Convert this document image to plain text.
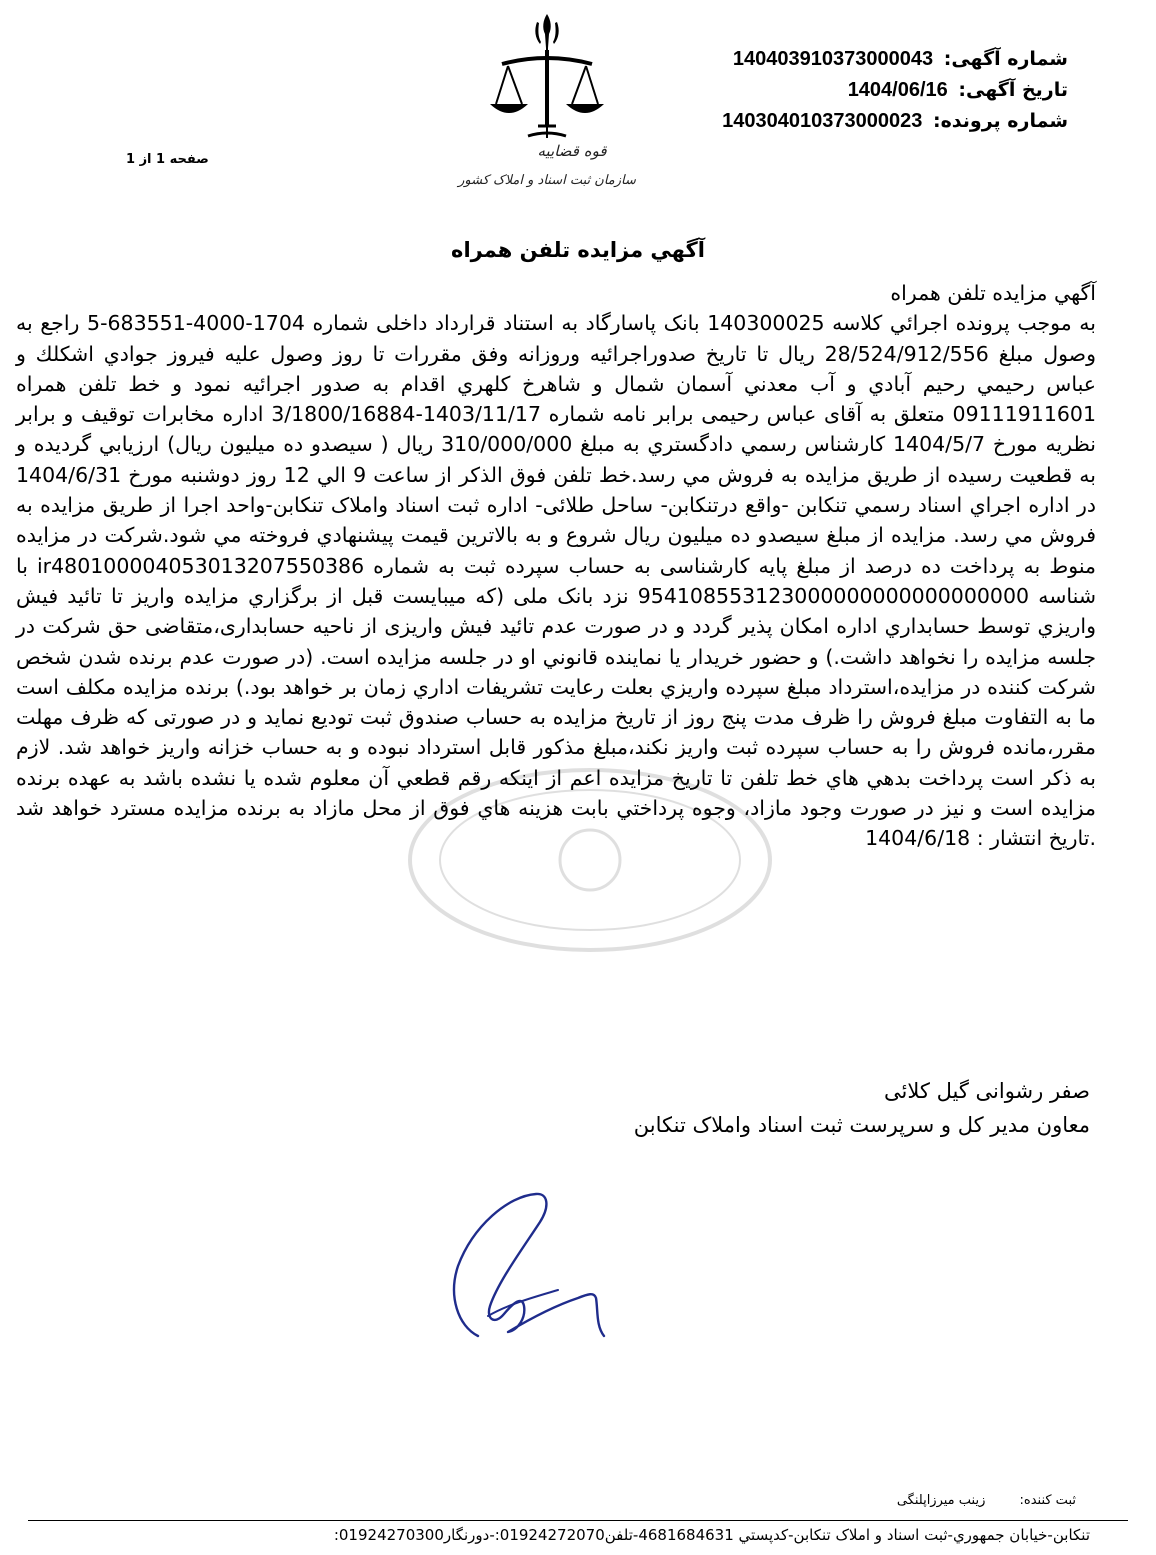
شماره آگهی: 140403910373000043
تاریخ آگهی: 1404/06/16
شماره پرونده: 140304010373000023
قوه قضاییه
سازمان ثبت اسناد و املاک کشور
صفحه 1 از 1
آگهي مزايده تلفن همراه
آگهي مزايده تلفن همراه
به موجب پرونده اجرائي كلاسه 140300025 بانک پاسارگاد به استناد قرارداد داخلی شماره 1704-4000-683551-5 راجع به وصول مبلغ 28/524/912/556 ريال تا تاریخ صدوراجرائیه وروزانه وفق مقررات تا روز وصول عليه فيروز جوادي اشكلك و عباس رحيمي رحيم آبادي و آب معدني آسمان شمال و شاهرخ كلهري اقدام به صدور اجرائيه نمود و خط تلفن همراه 09111911601 متعلق به آقای عباس رحیمی برابر نامه شماره 1403/11/17-3/1800/16884 اداره مخابرات توقيف و برابر نظريه مورخ 1404/5/7 كارشناس رسمي دادگستري به مبلغ 310/000/000 ريال ( سیصدو ده میلیون ریال) ارزيابي گرديده و به قطعيت رسيده از طريق مزايده به فروش مي رسد.خط تلفن فوق الذكر از ساعت 9 الي 12 روز دوشنبه مورخ 1404/6/31 در اداره اجراي اسناد رسمي تنكابن -واقع درتنکابن- ساحل طلائی- اداره ثبت اسناد واملاک تنکابن-واحد اجرا از طريق مزايده به فروش مي رسد. مزايده از مبلغ سیصدو ده میلیون ريال شروع و به بالاترين قيمت پيشنهادي فروخته مي شود.شرکت در مزایده منوط به پرداخت ده درصد از مبلغ پایه کارشناسی به حساب سپرده ثبت به شماره ir480100004053013207550386 با شناسه 954108553123000000000000000000 نزد بانک ملی (كه ميبايست قبل از برگزاري مزايده واريز تا تائيد فيش واريزي توسط حسابداري اداره امكان پذير گردد و در صورت عدم تائید فیش واریزی از ناحیه حسابداری،متقاضی حق شرکت در جلسه مزایده را نخواهد داشت.) و حضور خريدار يا نماينده قانوني او در جلسه مزايده است. (در صورت عدم برنده شدن شخص شرکت کننده در مزایده،استرداد مبلغ سپرده واريزي بعلت رعايت تشريفات اداري زمان بر خواهد بود.) برنده مزايده مكلف است ما به التفاوت مبلغ فروش را ظرف مدت پنج روز از تاريخ مزايده به حساب صندوق ثبت توديع نمايد و در صورتی که ظرف مهلت مقرر،مانده فروش را به حساب سپرده ثبت واریز نکند،مبلغ مذکور قابل استرداد نبوده و به حساب خزانه واریز خواهد شد. لازم به ذكر است پرداخت بدهي هاي خط تلفن تا تاريخ مزايده اعم از اينكه رقم قطعي آن معلوم شده يا نشده باشد به عهده برنده مزايده است و نيز در صورت وجود مازاد، وجوه پرداختي بابت هزينه هاي فوق از محل مازاد به برنده مزايده مسترد خواهد شد .تاريخ انتشار : 1404/6/18
صفر رشوانی گیل کلائی
معاون مدیر کل و سرپرست ثبت اسناد واملاک تنکابن
ثبت کننده: زینب میرزاپلنگی
تنکابن-خيابان جمهوري-ثبت اسناد و املاک تنکابن-کدپستي 4681684631-تلفن01924272070:-دورنگار01924270300:
